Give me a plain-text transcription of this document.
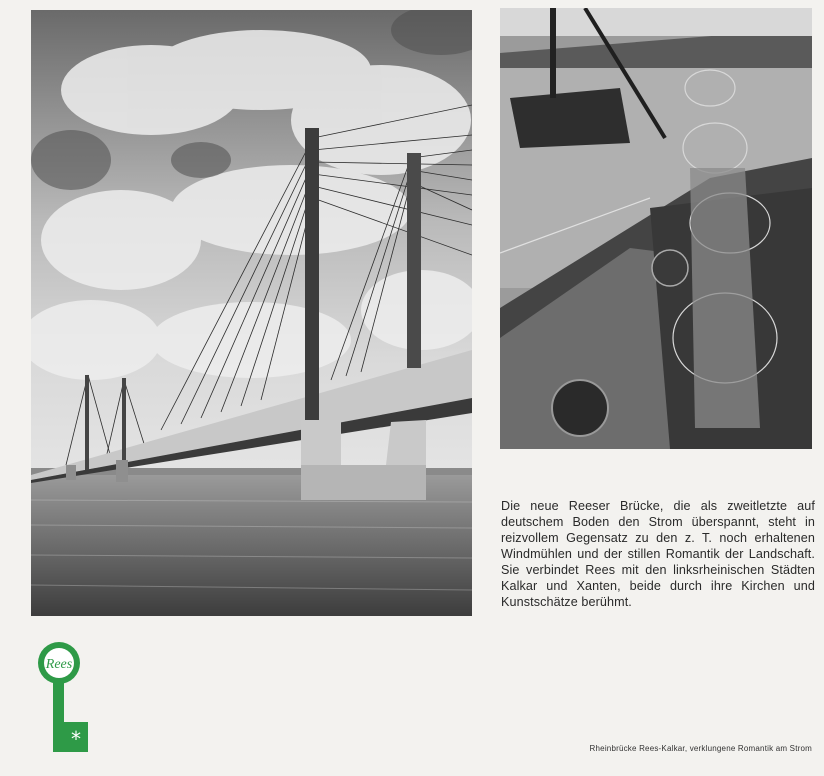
Die neue Reeser Brücke, die als zweitletzte auf deutschem Boden den Strom überspannt, steht in reizvollem Gegensatz zu den z. T. noch erhaltenen Windmühlen und der stillen Romantik der Landschaft. Sie verbindet Rees mit den linksrheinischen Städten Kalkar und Xanten, beide durch ihre Kirchen und Kunstschätze berühmt.
Rees
*	Rheinbrücke Rees-Kalkar, verklungene Romantik am Strom
